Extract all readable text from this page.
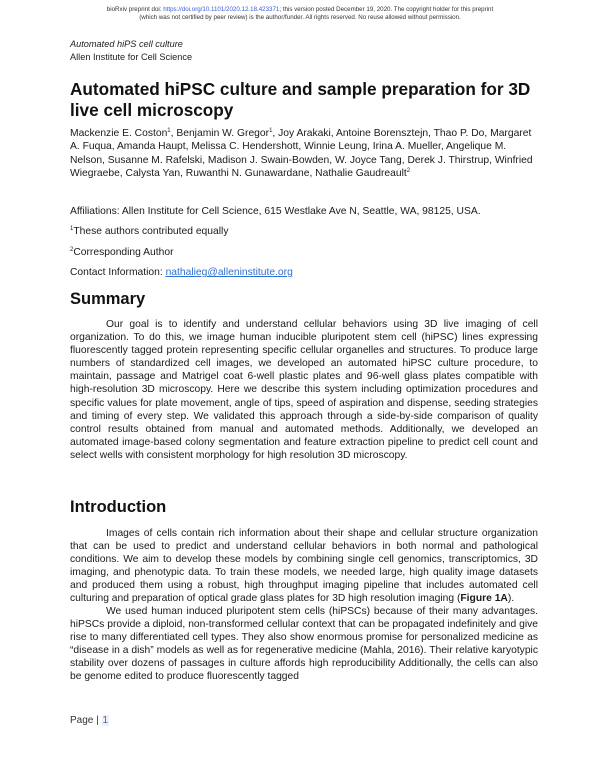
bioRxiv preprint doi: https://doi.org/10.1101/2020.12.18.423371; this version posted December 19, 2020. The copyright holder for this preprint
(which was not certified by peer review) is the author/funder. All rights reserved. No reuse allowed without permission.
Automated hiPS cell culture
Allen Institute for Cell Science
Automated hiPSC culture and sample preparation for 3D live cell microscopy
Mackenzie E. Coston$^1$, Benjamin W. Gregor$^1$, Joy Arakaki, Antoine Borensztejn, Thao P. Do, Margaret A. Fuqua, Amanda Haupt, Melissa C. Hendershott, Winnie Leung, Irina A. Mueller, Angelique M. Nelson, Susanne M. Rafelski, Madison J. Swain-Bowden, W. Joyce Tang, Derek J. Thirstrup, Winfried Wiegraebe, Calysta Yan, Ruwanthi N. Gunawardane, Nathalie Gaudreault$^2$
Affiliations: Allen Institute for Cell Science, 615 Westlake Ave N, Seattle, WA, 98125, USA.
$^1$These authors contributed equally
$^2$Corresponding Author
Contact Information: nathalieg@alleninstitute.org
Summary

Our goal is to identify and understand cellular behaviors using 3D live imaging of cell organization. To do this, we image human inducible pluripotent stem cell (hiPSC) lines expressing fluorescently tagged protein representing specific cellular organelles and structures. To produce large numbers of standardized cell images, we developed an automated hiPSC culture procedure, to maintain, passage and Matrigel coat 6-well plastic plates and 96-well glass plates compatible with high-resolution 3D microscopy. Here we describe this system including optimization procedures and specific values for plate movement, angle of tips, speed of aspiration and dispense, seeding strategies and timing of every step. We validated this approach through a side-by-side comparison of quality control results obtained from manual and automated methods. Additionally, we developed an automated image-based colony segmentation and feature extraction pipeline to predict cell count and select wells with consistent morphology for high resolution 3D microscopy.

Introduction

Images of cells contain rich information about their shape and cellular structure organization that can be used to predict and understand cellular behaviors in both normal and pathological conditions. We aim to develop these models by combining single cell genomics, transcriptomics, 3D imaging, and phenotypic data. To train these models, we needed large, high quality image datasets and produced them using a robust, high throughput imaging pipeline that includes automated cell culturing and preparation of optical grade glass plates for 3D high resolution imaging (Figure 1A).

We used human induced pluripotent stem cells (hiPSCs) because of their many advantages. hiPSCs provide a diploid, non-transformed cellular context that can be propagated indefinitely and give rise to many differentiated cell types. They also show enormous promise for personalized medicine as “disease in a dish” models as well as for regenerative medicine (Mahla, 2016). Their relative karyotypic stability over dozens of passages in culture affords high reproducibility Additionally, the cells can also be genome edited to produce fluorescently tagged

Page | 1
